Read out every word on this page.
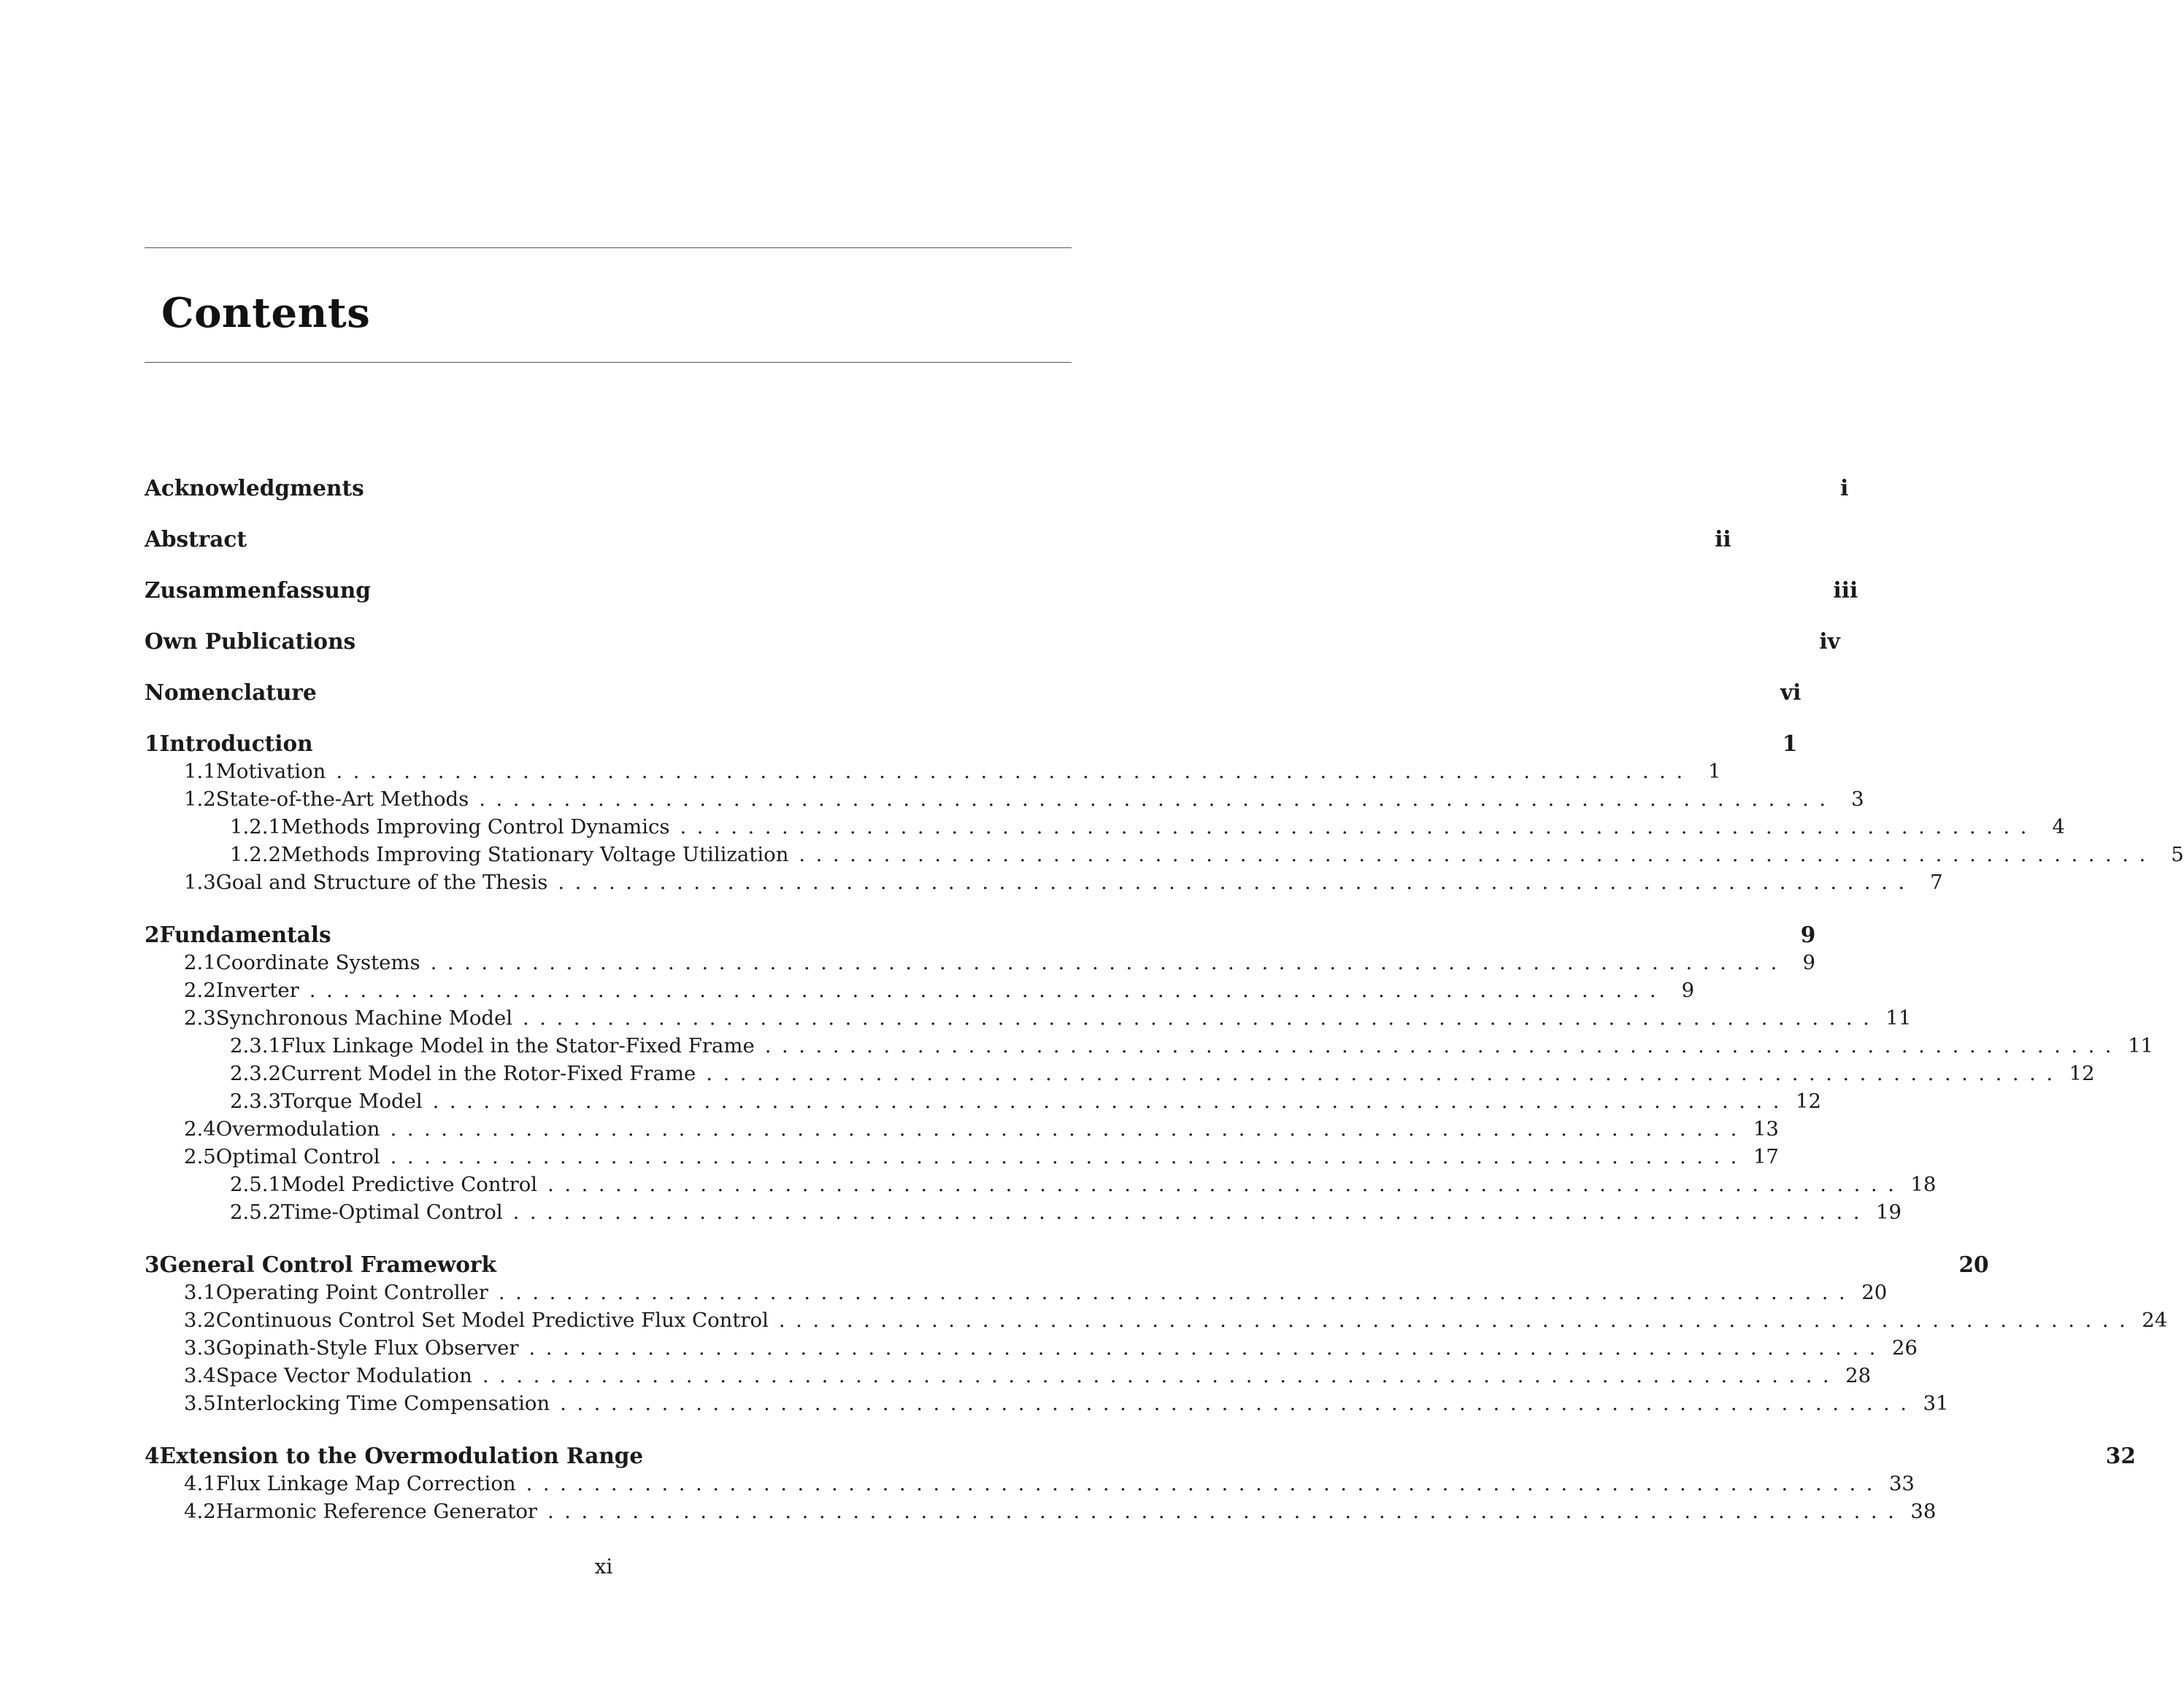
Contents
Acknowledgments	i
Abstract	ii
Zusammenfassung	iii
Own Publications	iv
Nomenclature	vi
1 Introduction	1
1.1 Motivation ................................................................................ 1
1.2 State-of-the-Art Methods ................................................................................ 3
1.2.1 Methods Improving Control Dynamics ................................................................................ 4
1.2.2 Methods Improving Stationary Voltage Utilization ................................................................................ 5
1.3 Goal and Structure of the Thesis ................................................................................ 7
2 Fundamentals	9
2.1 Coordinate Systems ................................................................................ 9
2.2 Inverter ................................................................................ 9
2.3 Synchronous Machine Model ................................................................................ 11
2.3.1 Flux Linkage Model in the Stator-Fixed Frame ................................................................................ 11
2.3.2 Current Model in the Rotor-Fixed Frame ................................................................................ 12
2.3.3 Torque Model ................................................................................ 12
2.4 Overmodulation ................................................................................ 13
2.5 Optimal Control ................................................................................ 17
2.5.1 Model Predictive Control ................................................................................ 18
2.5.2 Time-Optimal Control ................................................................................ 19
3 General Control Framework	20
3.1 Operating Point Controller ................................................................................ 20
3.2 Continuous Control Set Model Predictive Flux Control ................................................................................ 24
3.3 Gopinath-Style Flux Observer ................................................................................ 26
3.4 Space Vector Modulation ................................................................................ 28
3.5 Interlocking Time Compensation ................................................................................ 31
4 Extension to the Overmodulation Range	32
4.1 Flux Linkage Map Correction ................................................................................ 33
4.2 Harmonic Reference Generator ................................................................................ 38
xi
